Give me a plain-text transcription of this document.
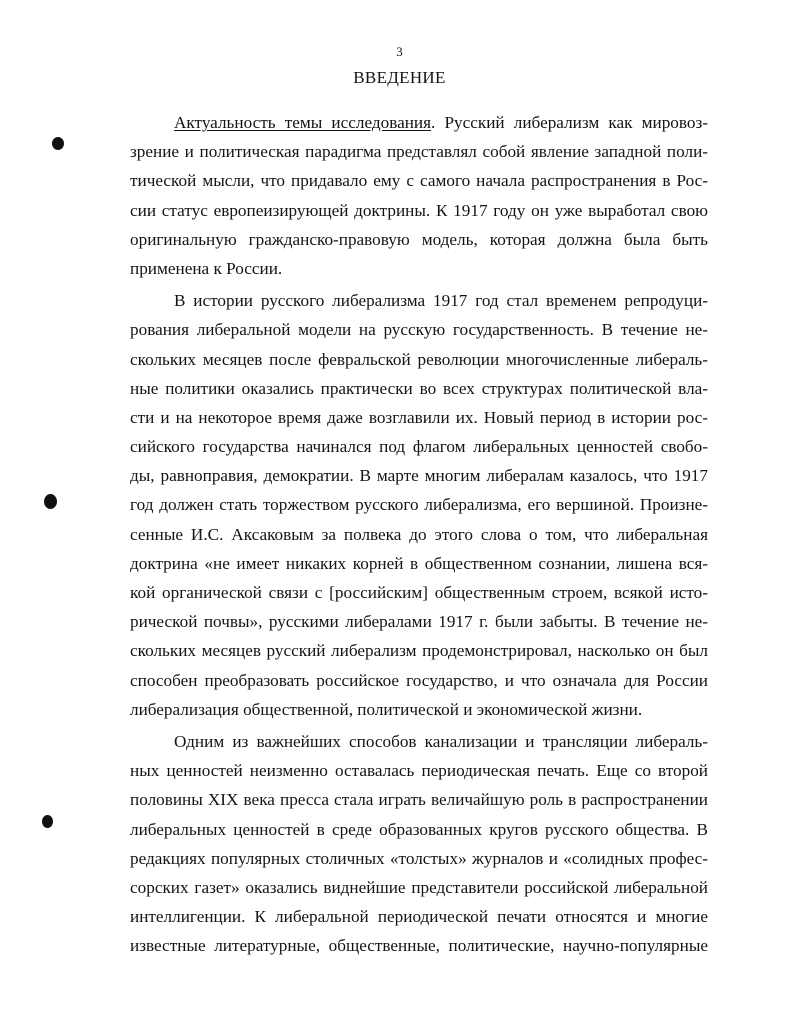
3
ВВЕДЕНИЕ
Актуальность темы исследования. Русский либерализм как мировоз-
зрение и политическая парадигма представлял собой явление западной поли-
тической мысли, что придавало ему с самого начала распространения в Рос-
сии статус европеизирующей доктрины. К 1917 году он уже выработал свою
оригинальную гражданско-правовую модель, которая должна была быть
применена к России.
В истории русского либерализма 1917 год стал временем репродуци-
рования либеральной модели на русскую государственность. В течение не-
скольких месяцев после февральской революции многочисленные либераль-
ные политики оказались практически во всех структурах политической вла-
сти и на некоторое время даже возглавили их. Новый период в истории рос-
сийского государства начинался под флагом либеральных ценностей свобо-
ды, равноправия, демократии. В марте многим либералам казалось, что 1917
год должен стать торжеством русского либерализма, его вершиной. Произне-
сенные И.С. Аксаковым за полвека до этого слова о том, что либеральная
доктрина «не имеет никаких корней в общественном сознании, лишена вся-
кой органической связи с [российским] общественным строем, всякой исто-
рической почвы», русскими либералами 1917 г. были забыты. В течение не-
скольких месяцев русский либерализм продемонстрировал, насколько он был
способен преобразовать российское государство, и что означала для России
либерализация общественной, политической и экономической жизни.
Одним из важнейших способов канализации и трансляции либераль-
ных ценностей неизменно оставалась периодическая печать. Еще со второй
половины XIX века пресса стала играть величайшую роль в распространении
либеральных ценностей в среде образованных кругов русского общества. В
редакциях популярных столичных «толстых» журналов и «солидных профес-
сорских газет» оказались виднейшие представители российской либеральной
интеллигенции. К либеральной периодической печати относятся и многие
известные литературные, общественные, политические, научно-популярные
